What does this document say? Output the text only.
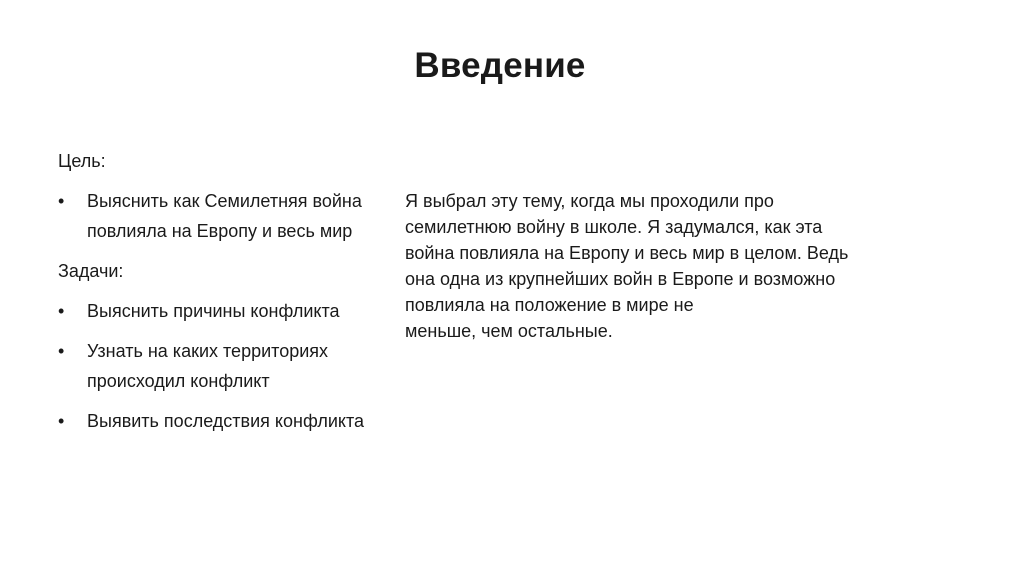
Введение

Цель:

• Выяснить как Семилетняя война повлияла на Европу и весь мир

Задачи:

• Выяснить причины конфликта
• Узнать на каких территориях происходил конфликт
• Выявить последствия конфликта

Я выбрал эту тему, когда мы проходили про
семилетнюю войну в школе. Я задумался, как эта
война повлияла на Европу и весь мир в целом. Ведь
она одна из крупнейших войн в Европе и возможно
повлияла на положение в мире не
меньше, чем остальные.
